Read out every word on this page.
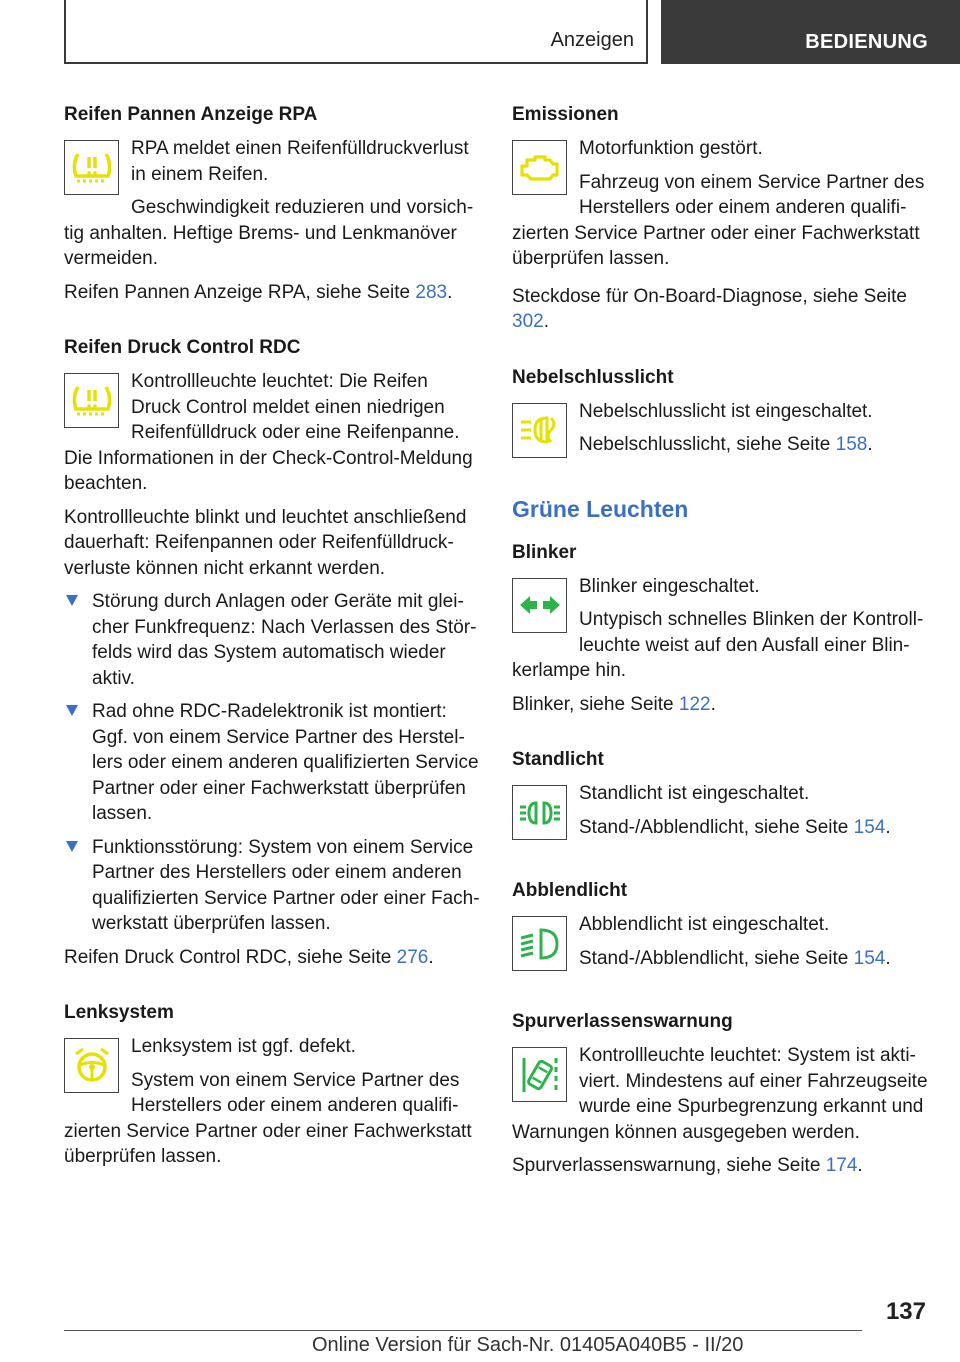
Anzeigen	BEDIENUNG
Reifen Pannen Anzeige RPA

RPA meldet einen Reifenfülldruckverlust in einem Reifen.

Geschwindigkeit reduzieren und vorsichtig anhalten. Heftige Brems- und Lenkmanöver vermeiden.

Reifen Pannen Anzeige RPA, siehe Seite 283.

Reifen Druck Control RDC

Kontrollleuchte leuchtet: Die Reifen Druck Control meldet einen niedrigen Reifenfülldruck oder eine Reifenpanne. Die Informationen in der Check-Control-Meldung beachten.

Kontrollleuchte blinkt und leuchtet anschließend dauerhaft: Reifenpannen oder Reifenfülldruckverluste können nicht erkannt werden.

Störung durch Anlagen oder Geräte mit gleicher Funkfrequenz: Nach Verlassen des Störfelds wird das System automatisch wieder aktiv.
Rad ohne RDC-Radelektronik ist montiert: Ggf. von einem Service Partner des Herstellers oder einem anderen qualifizierten Service Partner oder einer Fachwerkstatt überprüfen lassen.
Funktionsstörung: System von einem Service Partner des Herstellers oder einem anderen qualifizierten Service Partner oder einer Fachwerkstatt überprüfen lassen.

Reifen Druck Control RDC, siehe Seite 276.

Lenksystem

Lenksystem ist ggf. defekt.

System von einem Service Partner des Herstellers oder einem anderen qualifizierten Service Partner oder einer Fachwerkstatt überprüfen lassen.

Emissionen

Motorfunktion gestört.

Fahrzeug von einem Service Partner des Herstellers oder einem anderen qualifizierten Service Partner oder einer Fachwerkstatt überprüfen lassen.

Steckdose für On-Board-Diagnose, siehe Seite 302.

Nebelschlusslicht

Nebelschlusslicht ist eingeschaltet.

Nebelschlusslicht, siehe Seite 158.

Grüne Leuchten
Blinker

Blinker eingeschaltet.

Untypisch schnelles Blinken der Kontrollleuchte weist auf den Ausfall einer Blinkerlampe hin.

Blinker, siehe Seite 122.

Standlicht

Standlicht ist eingeschaltet.

Stand-/Abblendlicht, siehe Seite 154.

Abblendlicht

Abblendlicht ist eingeschaltet.

Stand-/Abblendlicht, siehe Seite 154.

Spurverlassenswarnung

Kontrollleuchte leuchtet: System ist aktiviert. Mindestens auf einer Fahrzeugseite wurde eine Spurbegrenzung erkannt und Warnungen können ausgegeben werden.

Spurverlassenswarnung, siehe Seite 174.

137
Online Version für Sach-Nr. 01405A040B5 - II/20
